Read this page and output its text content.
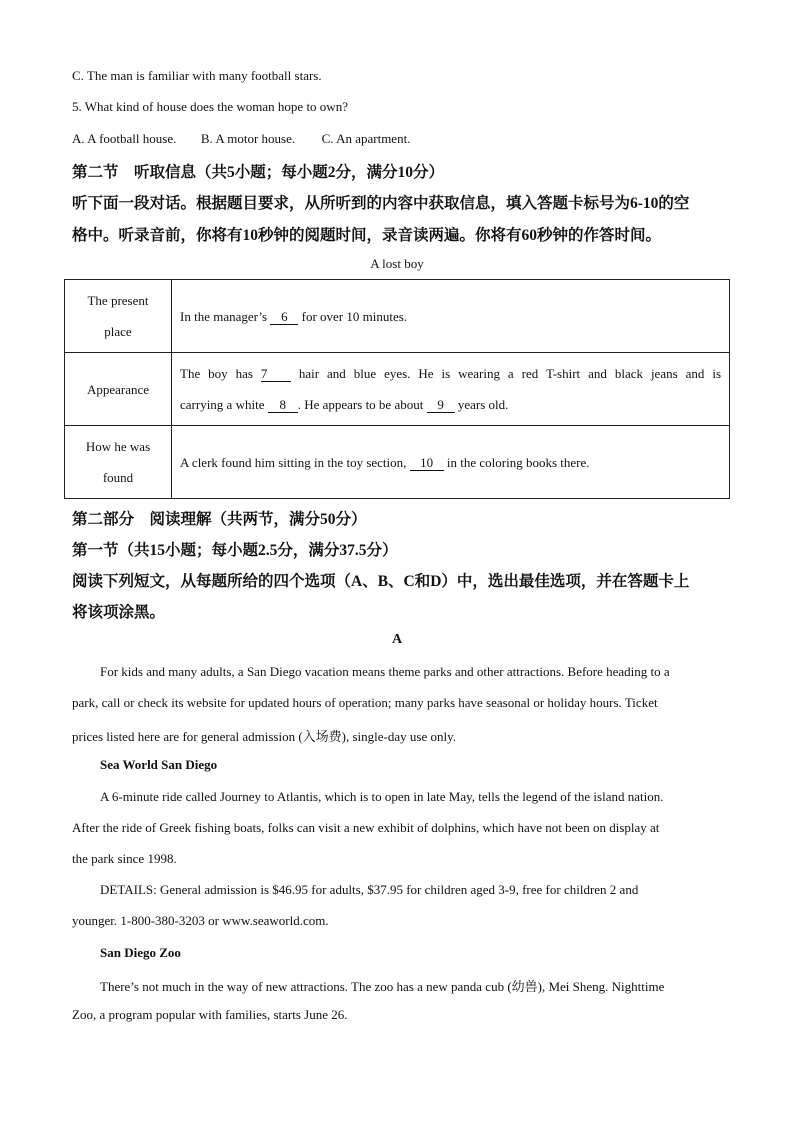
C. The man is familiar with many football stars.
5. What kind of house does the woman hope to own?
A. A football house. B. A motor house. C. An apartment.
第二节　听取信息（共5小题；每小题2分，满分10分）
听下面一段对话。根据题目要求，从所听到的内容中获取信息，填入答题卡标号为6-10的空
格中。听录音前，你将有10秒钟的阅题时间，录音读两遍。你将有60秒钟的作答时间。
A lost boy
The present
place	In the manager’s 6 for over 10 minutes.
Appearance	The boy has 7 hair and blue eyes. He is wearing a red T-shirt and black jeans and is
carrying a white 8 . He appears to be about 9 years old.

How he was
found	A clerk found him sitting in the toy section, 10 in the coloring books there.
第二部分　阅读理解（共两节，满分50分）
第一节（共15小题；每小题2.5分，满分37.5分）
阅读下列短文，从每题所给的四个选项（A、B、C和D）中，选出最佳选项，并在答题卡上
将该项涂黑。
A
For kids and many adults, a San Diego vacation means theme parks and other attractions. Before heading to a
park, call or check its website for updated hours of operation; many parks have seasonal or holiday hours. Ticket
prices listed here are for general admission (入场费), single-day use only.
Sea World San Diego
A 6-minute ride called Journey to Atlantis, which is to open in late May, tells the legend of the island nation.
After the ride of Greek fishing boats, folks can visit a new exhibit of dolphins, which have not been on display at
the park since 1998.
DETAILS: General admission is $46.95 for adults, $37.95 for children aged 3-9, free for children 2 and
younger. 1-800-380-3203 or www.seaworld.com.
San Diego Zoo
There’s not much in the way of new attractions. The zoo has a new panda cub (幼兽), Mei Sheng. Nighttime
Zoo, a program popular with families, starts June 26.
